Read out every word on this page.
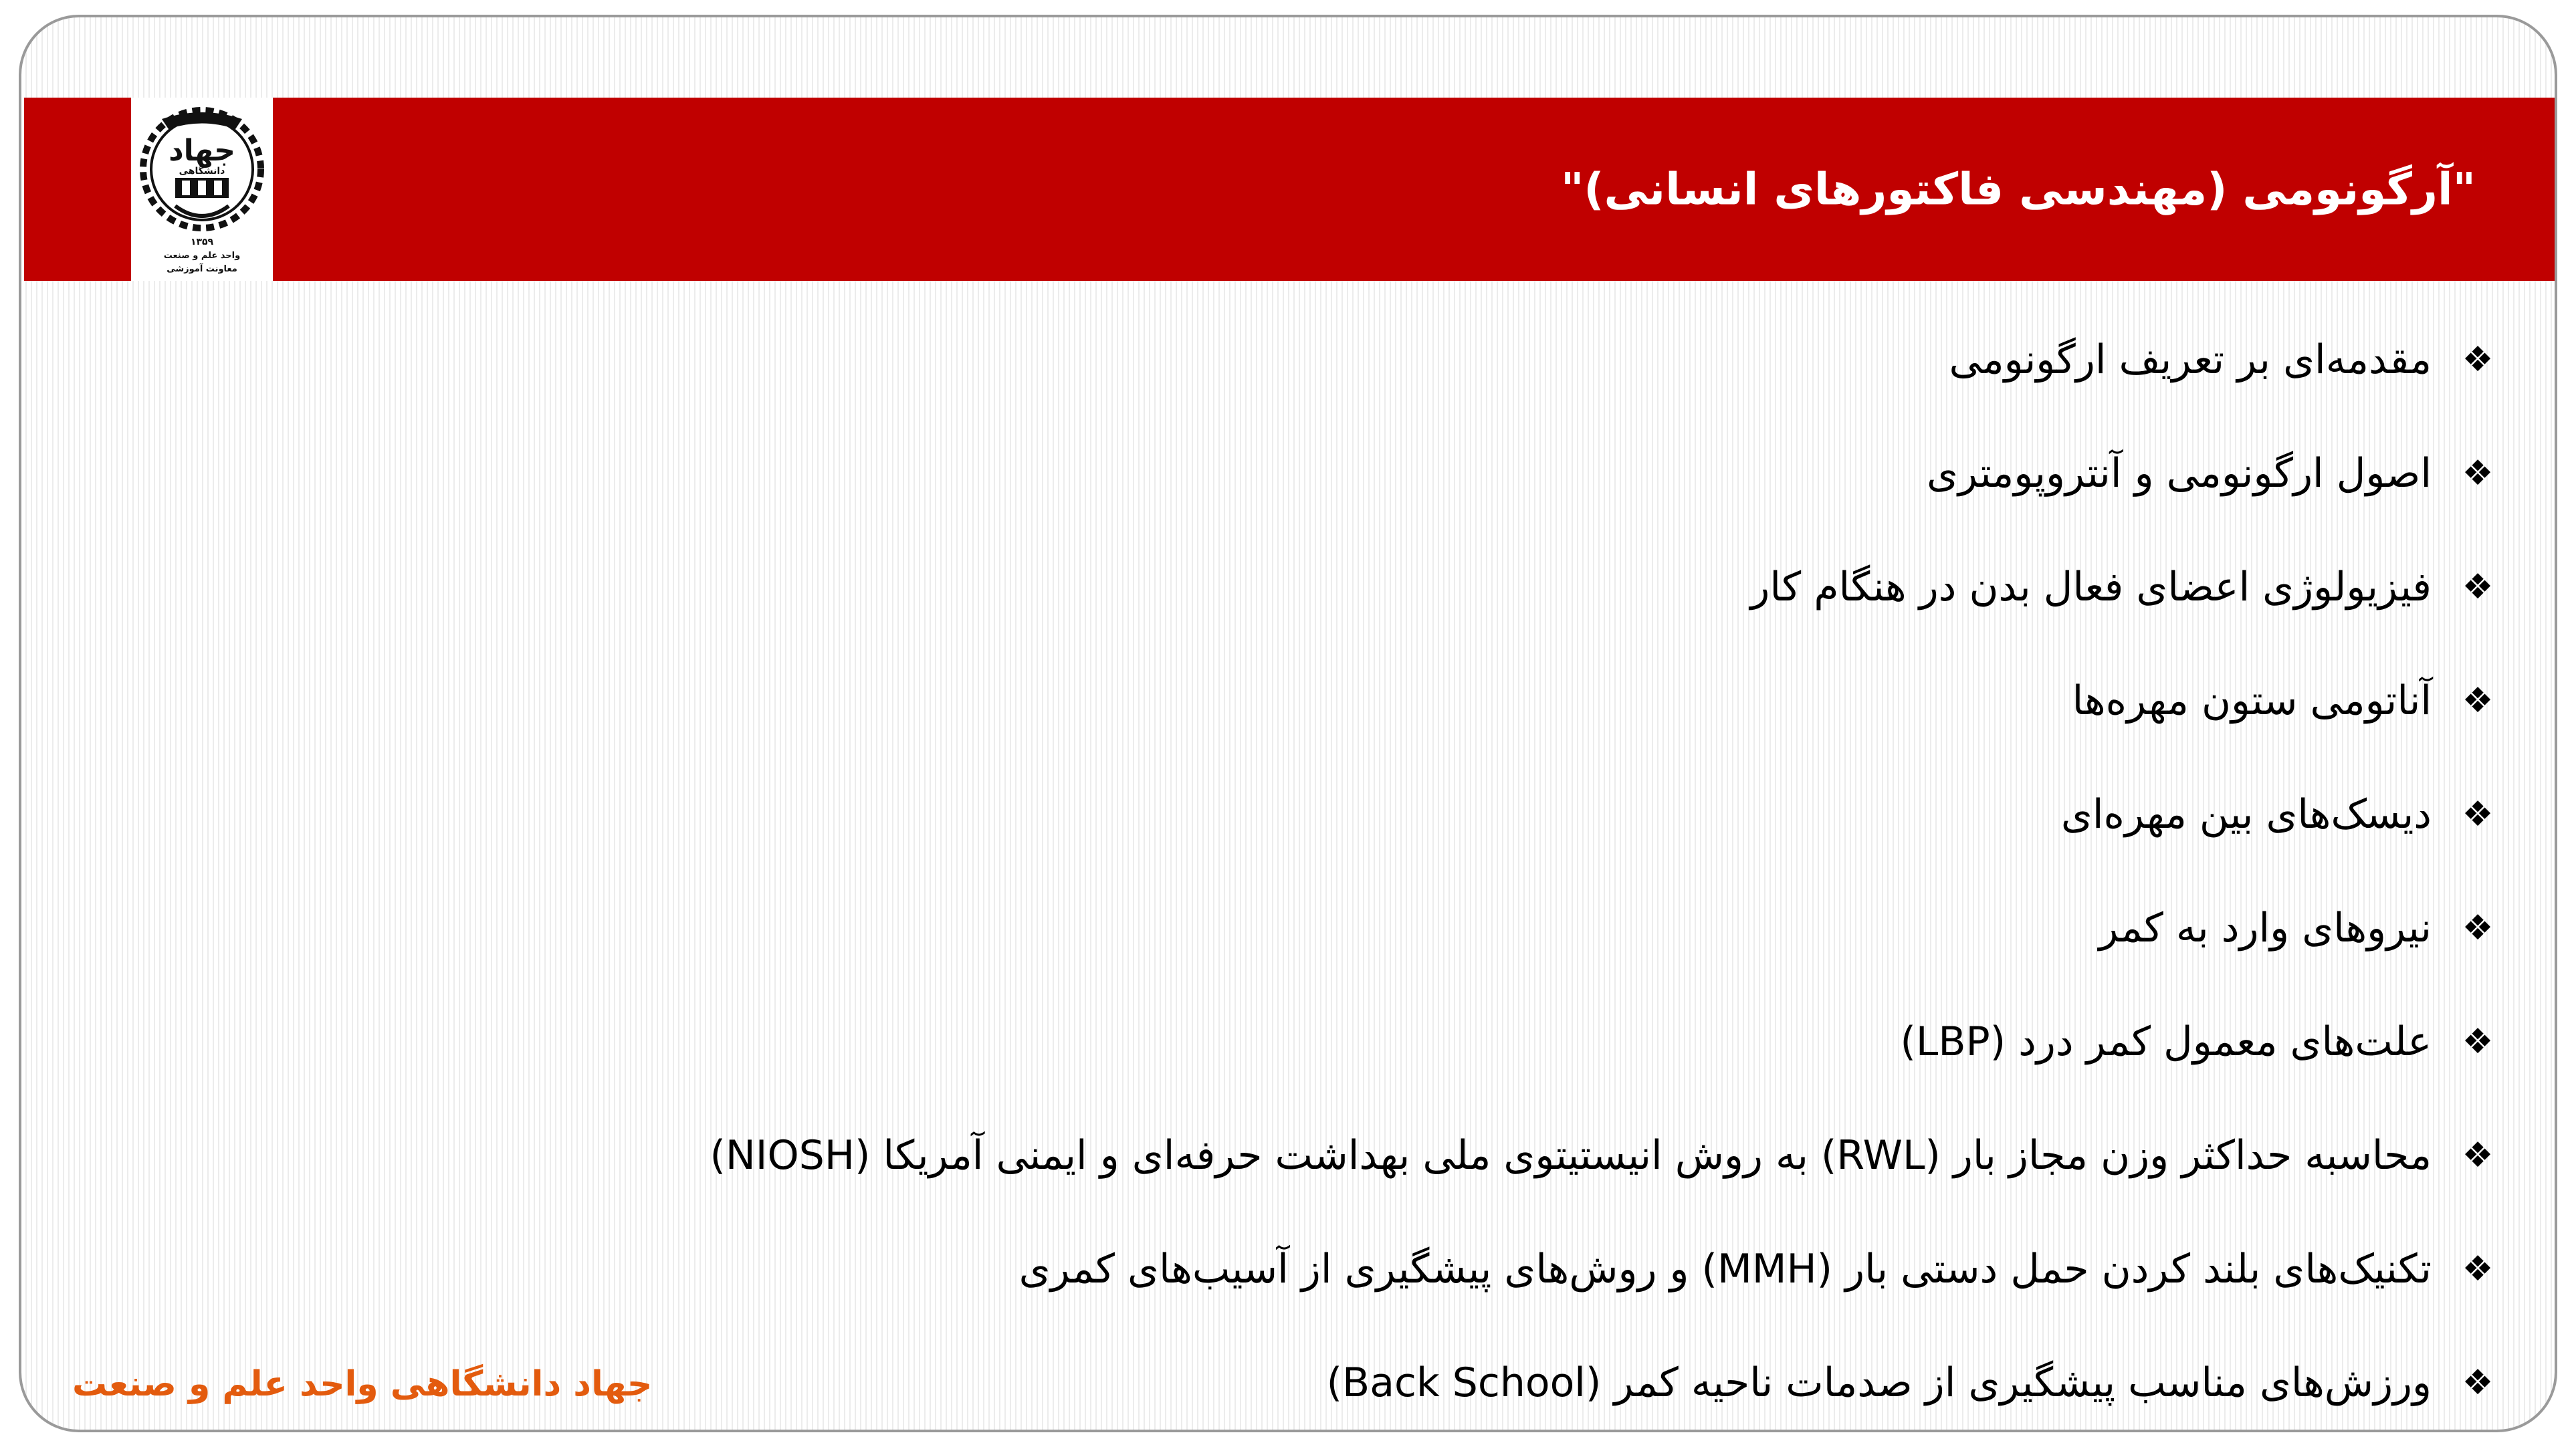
جهاد
دانشگاهی
۱۳۵۹
واحد علم و صنعت
معاونت آموزشی
"آرگونومی (مهندسی فاکتورهای انسانی)"
❖
مقدمه‌ای بر تعریف ارگونومی
❖
اصول ارگونومی و آنتروپومتری
❖
فیزیولوژی اعضای فعال بدن در هنگام کار
❖
آناتومی ستون مهره‌ها
❖
دیسک‌های بین مهره‌ای
❖
نیروهای وارد به کمر
❖
علت‌های معمول کمر درد (LBP)
❖
محاسبه حداکثر وزن مجاز بار (RWL) به روش انیستیتوی ملی بهداشت حرفه‌ای و ایمنی آمریکا (NIOSH)
❖
تکنیک‌های بلند کردن حمل دستی بار (MMH) و روش‌های پیشگیری از آسیب‌های کمری
❖
ورزش‌های مناسب پیشگیری از صدمات ناحیه کمر (Back School)
جهاد دانشگاهی واحد علم و صنعت
